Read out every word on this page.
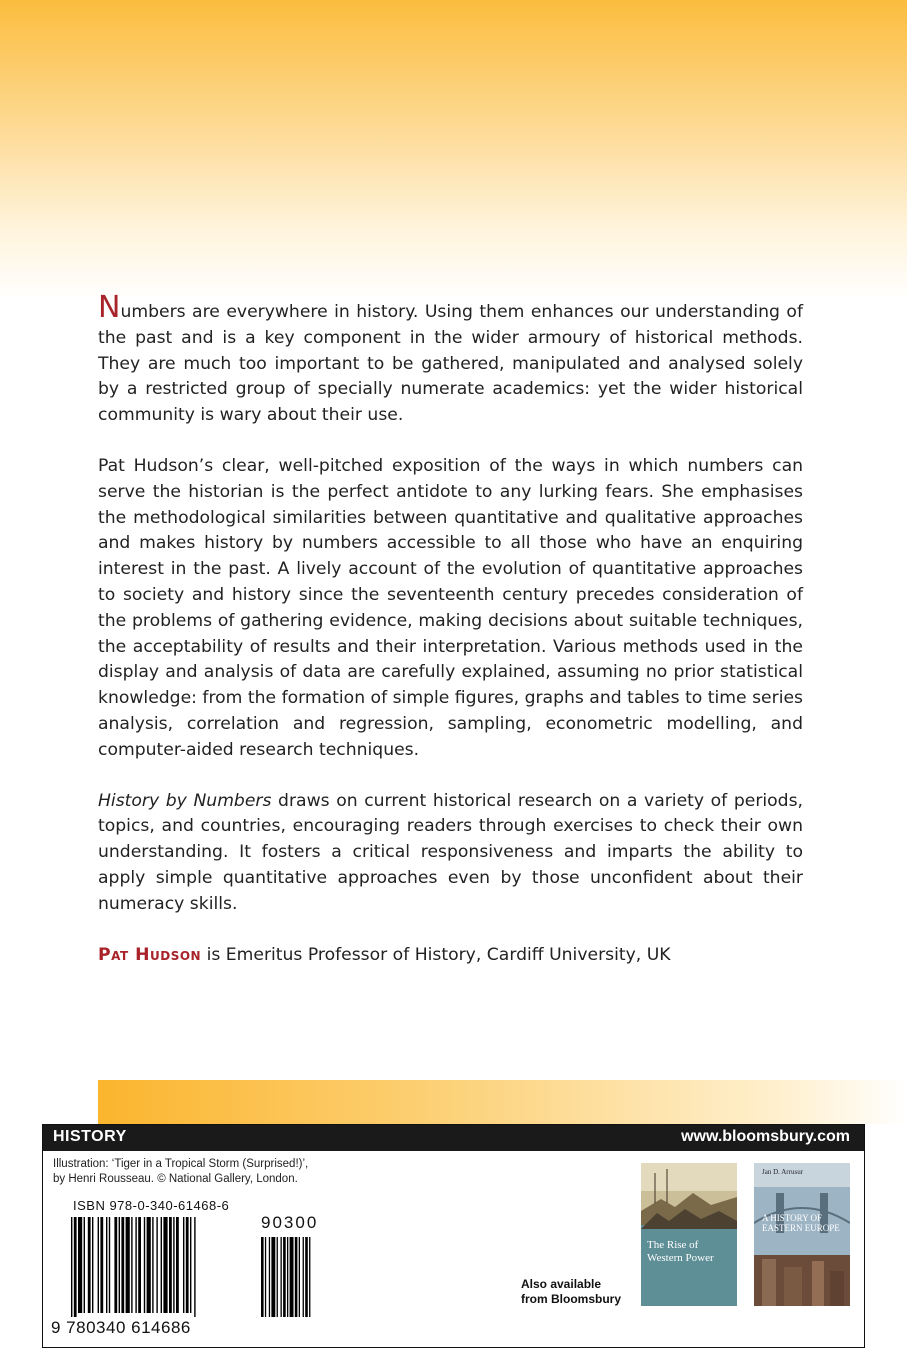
Numbers are everywhere in history. Using them enhances our understanding of the past and is a key component in the wider armoury of historical methods. They are much too important to be gathered, manipulated and analysed solely by a restricted group of specially numerate academics: yet the wider historical community is wary about their use.

Pat Hudson’s clear, well-pitched exposition of the ways in which numbers can serve the historian is the perfect antidote to any lurking fears. She emphasises the methodological similarities between quantitative and qualitative approaches and makes history by numbers accessible to all those who have an enquiring interest in the past. A lively account of the evolution of quantitative approaches to society and history since the seventeenth century precedes consideration of the problems of gathering evidence, making decisions about suitable techniques, the acceptability of results and their interpretation. Various methods used in the display and analysis of data are carefully explained, assuming no prior statistical knowledge: from the formation of simple figures, graphs and tables to time series analysis, correlation and regression, sampling, econometric modelling, and computer-aided research techniques.

History by Numbers draws on current historical research on a variety of periods, topics, and countries, encouraging readers through exercises to check their own understanding. It fosters a critical responsiveness and imparts the ability to apply simple quantitative approaches even by those unconfident about their numeracy skills.

Pat Hudson is Emeritus Professor of History, Cardiff University, UK

HISTORY	www.bloomsbury.com
Illustration: ‘Tiger in a Tropical Storm (Surprised!)’,
by Henri Rousseau. © National Gallery, London.
ISBN 978-0-340-61468-6
9 780340 614686
90300
Also available
from Bloomsbury
The Rise of Western Power
Jan D. Arrusur
A HISTORY OF EASTERN EUROPE
